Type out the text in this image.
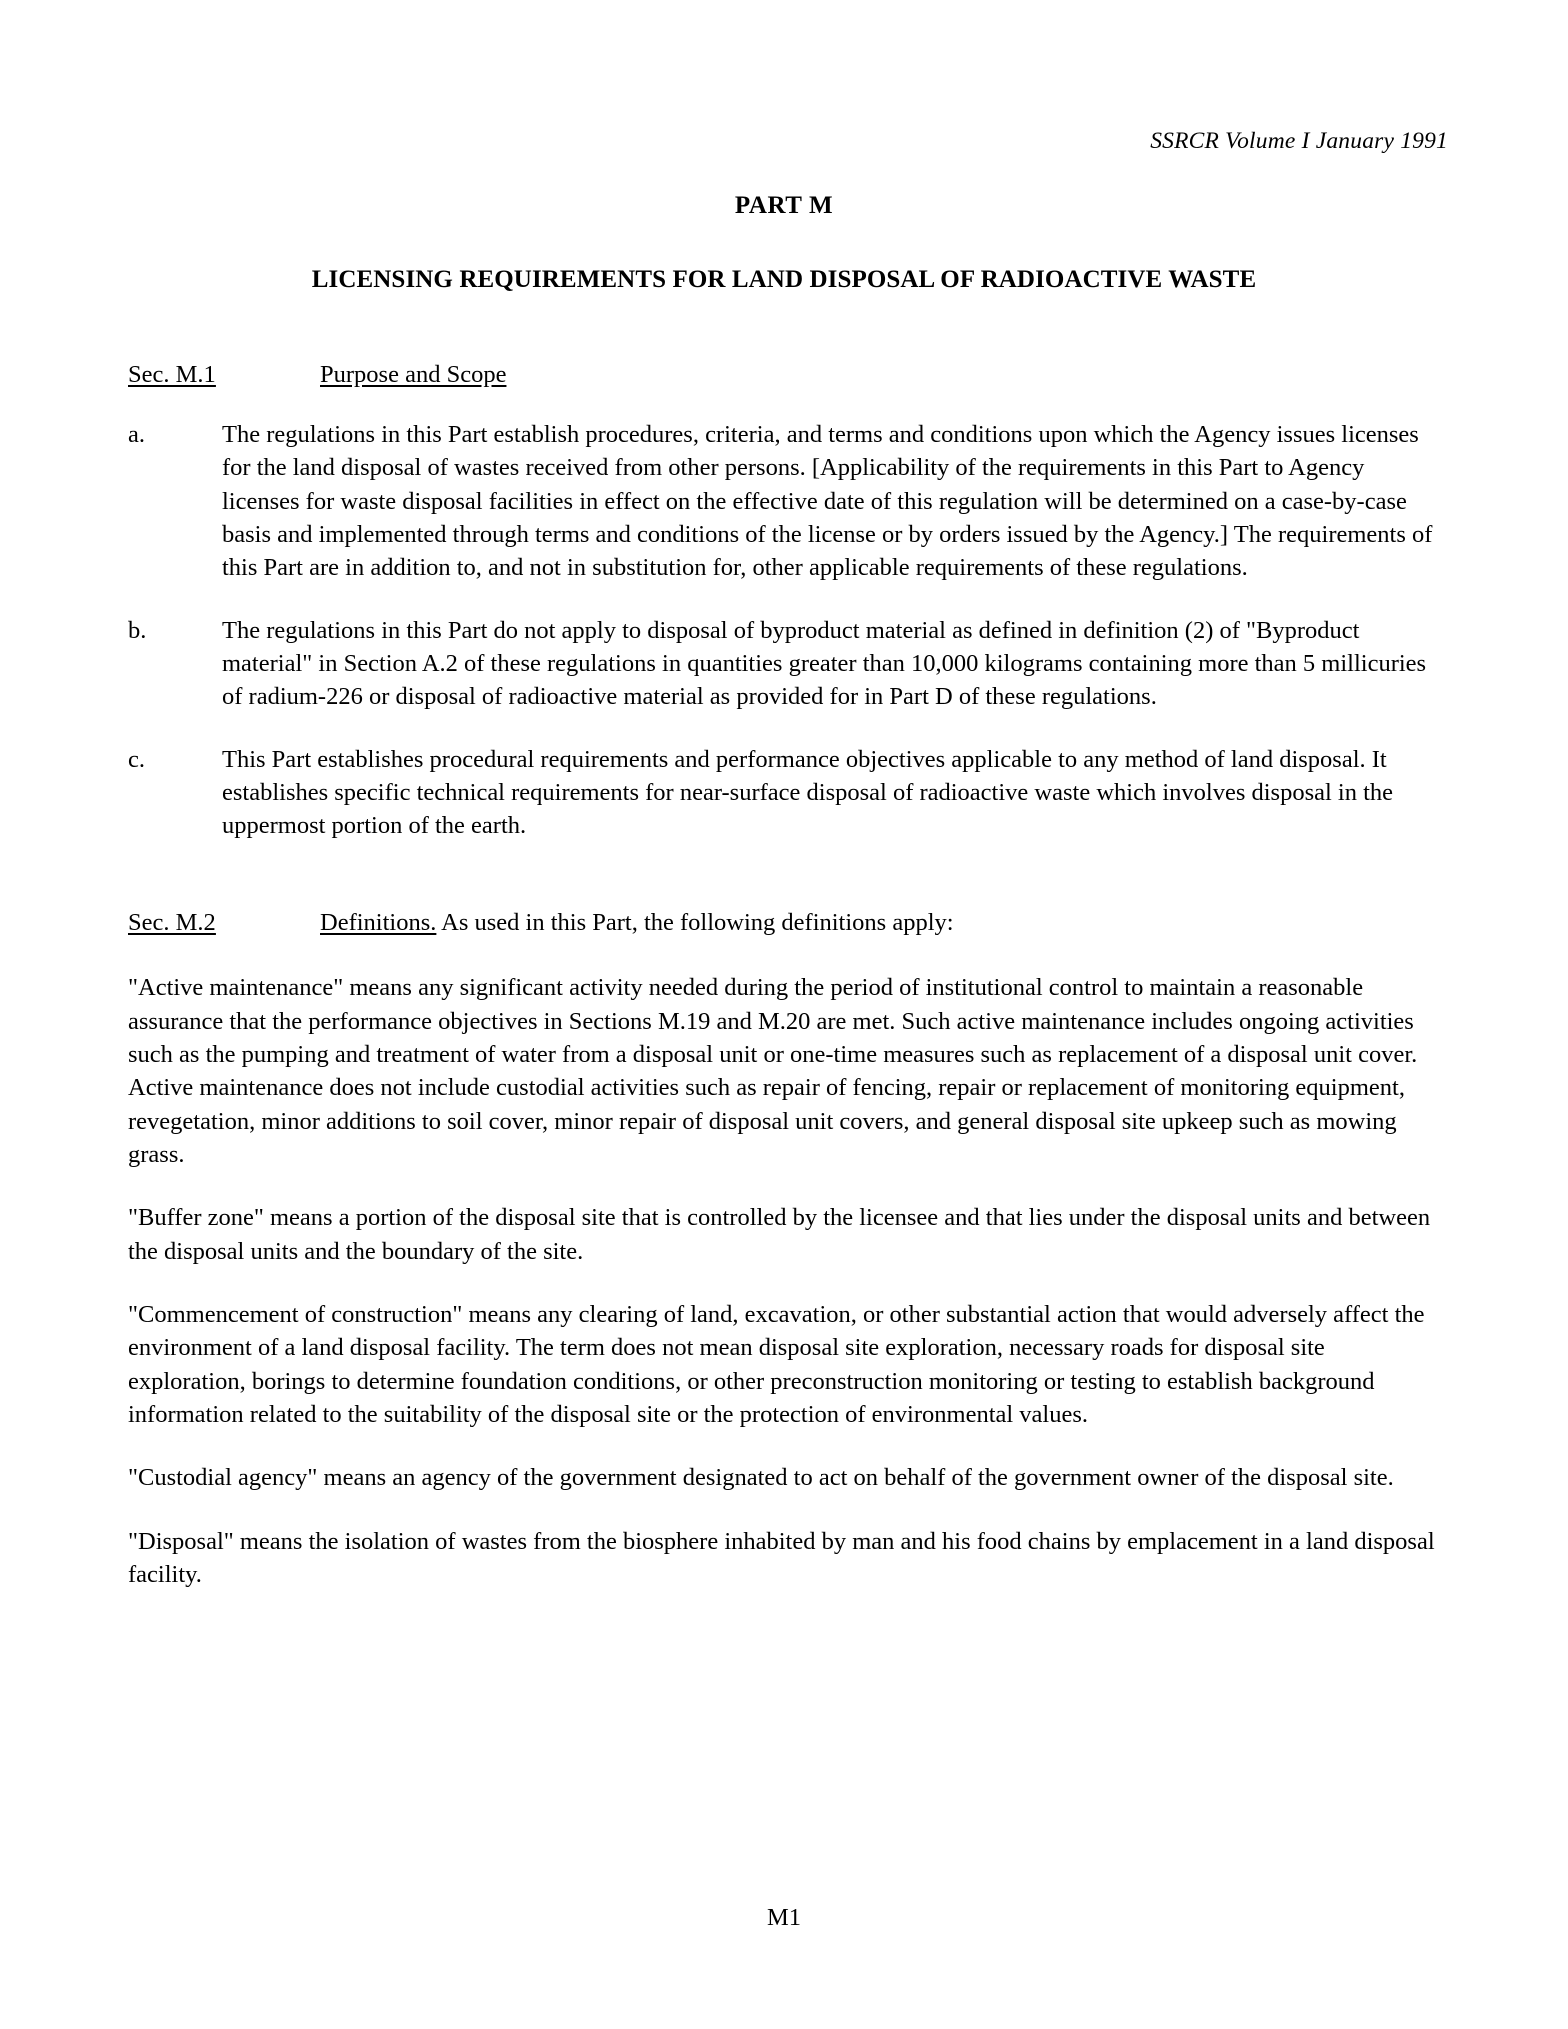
SSRCR Volume I January 1991
PART M
LICENSING REQUIREMENTS FOR LAND DISPOSAL OF RADIOACTIVE WASTE
Sec. M.1	Purpose and Scope
a.	The regulations in this Part establish procedures, criteria, and terms and conditions upon which the Agency issues licenses for the land disposal of wastes received from other persons. [Applicability of the requirements in this Part to Agency licenses for waste disposal facilities in effect on the effective date of this regulation will be determined on a case-by-case basis and implemented through terms and conditions of the license or by orders issued by the Agency.] The requirements of this Part are in addition to, and not in substitution for, other applicable requirements of these regulations.
b.	The regulations in this Part do not apply to disposal of byproduct material as defined in definition (2) of "Byproduct material" in Section A.2 of these regulations in quantities greater than 10,000 kilograms containing more than 5 millicuries of radium-226 or disposal of radioactive material as provided for in Part D of these regulations.
c.	This Part establishes procedural requirements and performance objectives applicable to any method of land disposal. It establishes specific technical requirements for near-surface disposal of radioactive waste which involves disposal in the uppermost portion of the earth.
Sec. M.2	Definitions. As used in this Part, the following definitions apply:
"Active maintenance" means any significant activity needed during the period of institutional control to maintain a reasonable assurance that the performance objectives in Sections M.19 and M.20 are met. Such active maintenance includes ongoing activities such as the pumping and treatment of water from a disposal unit or one-time measures such as replacement of a disposal unit cover. Active maintenance does not include custodial activities such as repair of fencing, repair or replacement of monitoring equipment, revegetation, minor additions to soil cover, minor repair of disposal unit covers, and general disposal site upkeep such as mowing grass.
"Buffer zone" means a portion of the disposal site that is controlled by the licensee and that lies under the disposal units and between the disposal units and the boundary of the site.
"Commencement of construction" means any clearing of land, excavation, or other substantial action that would adversely affect the environment of a land disposal facility. The term does not mean disposal site exploration, necessary roads for disposal site exploration, borings to determine foundation conditions, or other preconstruction monitoring or testing to establish background information related to the suitability of the disposal site or the protection of environmental values.
"Custodial agency" means an agency of the government designated to act on behalf of the government owner of the disposal site.
"Disposal" means the isolation of wastes from the biosphere inhabited by man and his food chains by emplacement in a land disposal facility.
M1
